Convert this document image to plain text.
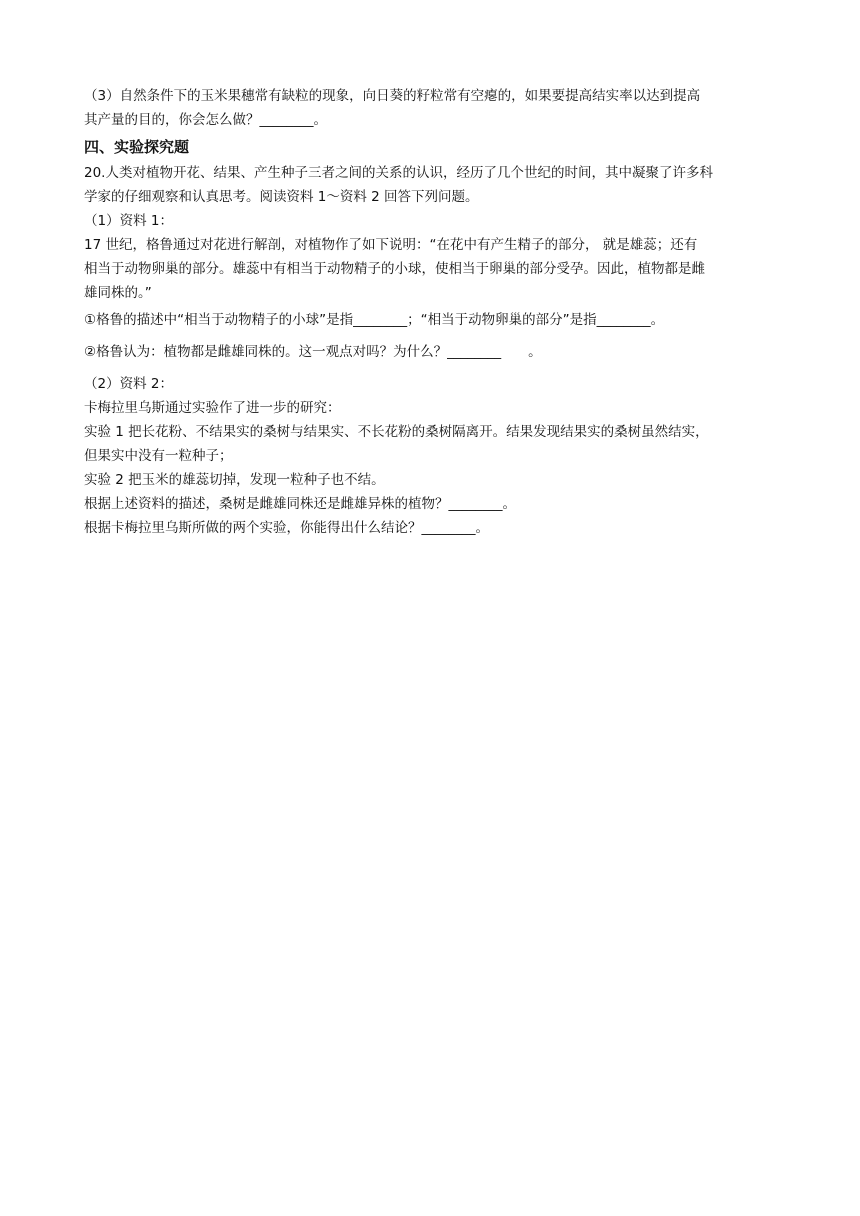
（3）自然条件下的玉米果穗常有缺粒的现象，向日葵的籽粒常有空瘪的，如果要提高结实率以达到提高
其产量的目的，你会怎么做？________。
四、实验探究题
20.人类对植物开花、结果、产生种子三者之间的关系的认识，经历了几个世纪的时间，其中凝聚了许多科
学家的仔细观察和认真思考。阅读资料 1～资料 2 回答下列问题。
（1）资料 1：
17 世纪，格鲁通过对花进行解剖，对植物作了如下说明：“在花中有产生精子的部分， 就是雄蕊；还有
相当于动物卵巢的部分。雄蕊中有相当于动物精子的小球，使相当于卵巢的部分受孕。因此，植物都是雌
雄同株的。”
①格鲁的描述中“相当于动物精子的小球”是指________；“相当于动物卵巢的部分”是指________。
②格鲁认为：植物都是雌雄同株的。这一观点对吗？为什么？________　　。
（2）资料 2：
卡梅拉里乌斯通过实验作了进一步的研究：
实验 1 把长花粉、不结果实的桑树与结果实、不长花粉的桑树隔离开。结果发现结果实的桑树虽然结实，
但果实中没有一粒种子；
实验 2 把玉米的雄蕊切掉，发现一粒种子也不结。
根据上述资料的描述，桑树是雌雄同株还是雌雄异株的植物？________。
根据卡梅拉里乌斯所做的两个实验，你能得出什么结论？________。
